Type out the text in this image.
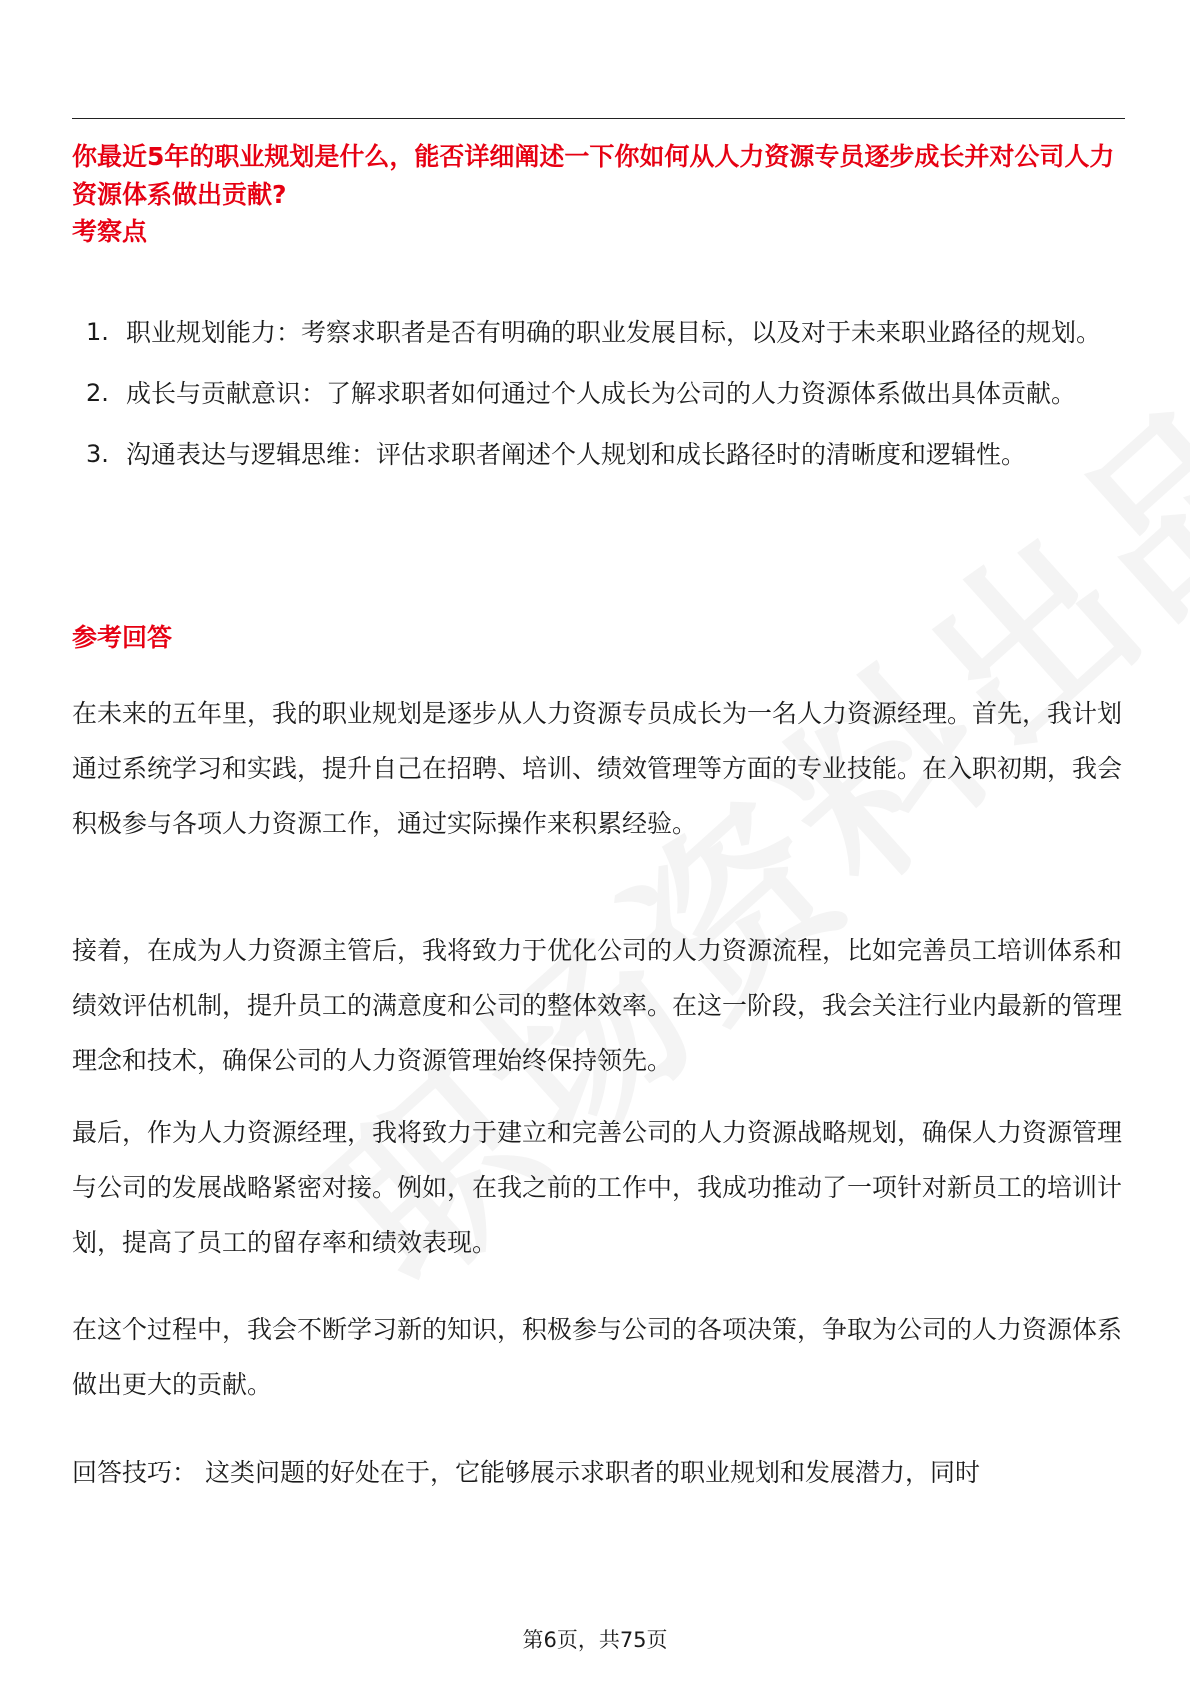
你最近5年的职业规划是什么，能否详细阐述一下你如何从人力资源专员逐步成长并对公司人力资源体系做出贡献?
考察点
1. 职业规划能力：考察求职者是否有明确的职业发展目标，以及对于未来职业路径的规划。
2. 成长与贡献意识：了解求职者如何通过个人成长为公司的人力资源体系做出具体贡献。
3. 沟通表达与逻辑思维：评估求职者阐述个人规划和成长路径时的清晰度和逻辑性。
参考回答

在未来的五年里，我的职业规划是逐步从人力资源专员成长为一名人力资源经理。首先，我计划通过系统学习和实践，提升自己在招聘、培训、绩效管理等方面的专业技能。在入职初期，我会积极参与各项人力资源工作，通过实际操作来积累经验。

接着，在成为人力资源主管后，我将致力于优化公司的人力资源流程，比如完善员工培训体系和绩效评估机制，提升员工的满意度和公司的整体效率。在这一阶段，我会关注行业内最新的管理理念和技术，确保公司的人力资源管理始终保持领先。

最后，作为人力资源经理，我将致力于建立和完善公司的人力资源战略规划，确保人力资源管理与公司的发展战略紧密对接。例如，在我之前的工作中，我成功推动了一项针对新员工的培训计划，提高了员工的留存率和绩效表现。

在这个过程中，我会不断学习新的知识，积极参与公司的各项决策，争取为公司的人力资源体系做出更大的贡献。

回答技巧： 这类问题的好处在于，它能够展示求职者的职业规划和发展潜力，同时

第6页，共75页
